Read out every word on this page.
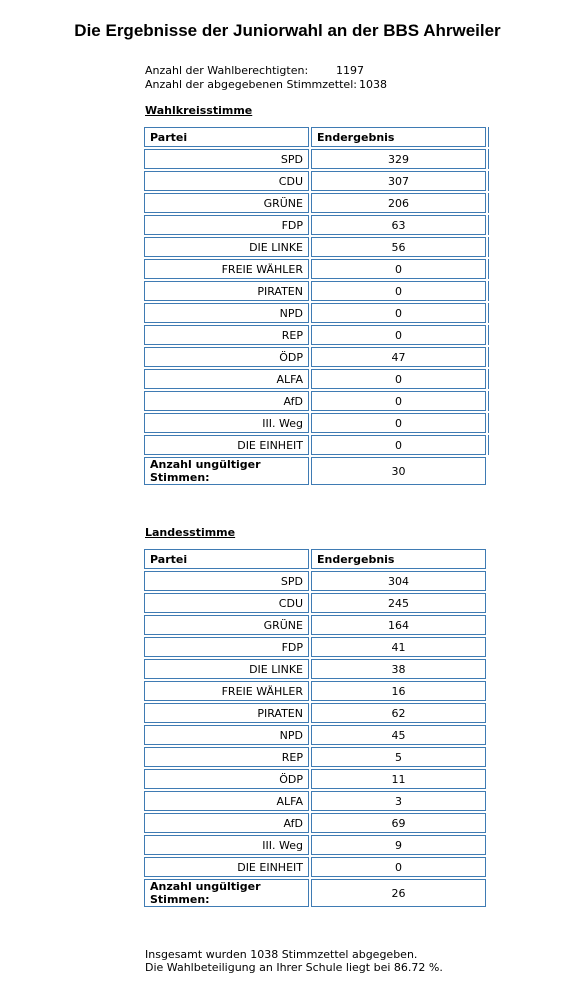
Die Ergebnisse der Juniorwahl an der BBS Ahrweiler
Anzahl der Wahlberechtigten:	1197
Anzahl der abgegebenen Stimmzettel: 1038
Wahlkreisstimme
Partei	Endergebnis	
SPD	329	
CDU	307	
GRÜNE	206	
FDP	63	
DIE LINKE	56	
FREIE WÄHLER	0	
PIRATEN	0	
NPD	0	
REP	0	
ÖDP	47	
ALFA	0	
AfD	0	
III. Weg	0	
DIE EINHEIT	0	
Anzahl ungültiger Stimmen:	30	
Landesstimme
Partei	Endergebnis	
SPD	304	
CDU	245	
GRÜNE	164	
FDP	41	
DIE LINKE	38	
FREIE WÄHLER	16	
PIRATEN	62	
NPD	45	
REP	5	
ÖDP	11	
ALFA	3	
AfD	69	
III. Weg	9	
DIE EINHEIT	0	
Anzahl ungültiger Stimmen:	26	
Insgesamt wurden 1038 Stimmzettel abgegeben.
Die Wahlbeteiligung an Ihrer Schule liegt bei 86.72 %.
